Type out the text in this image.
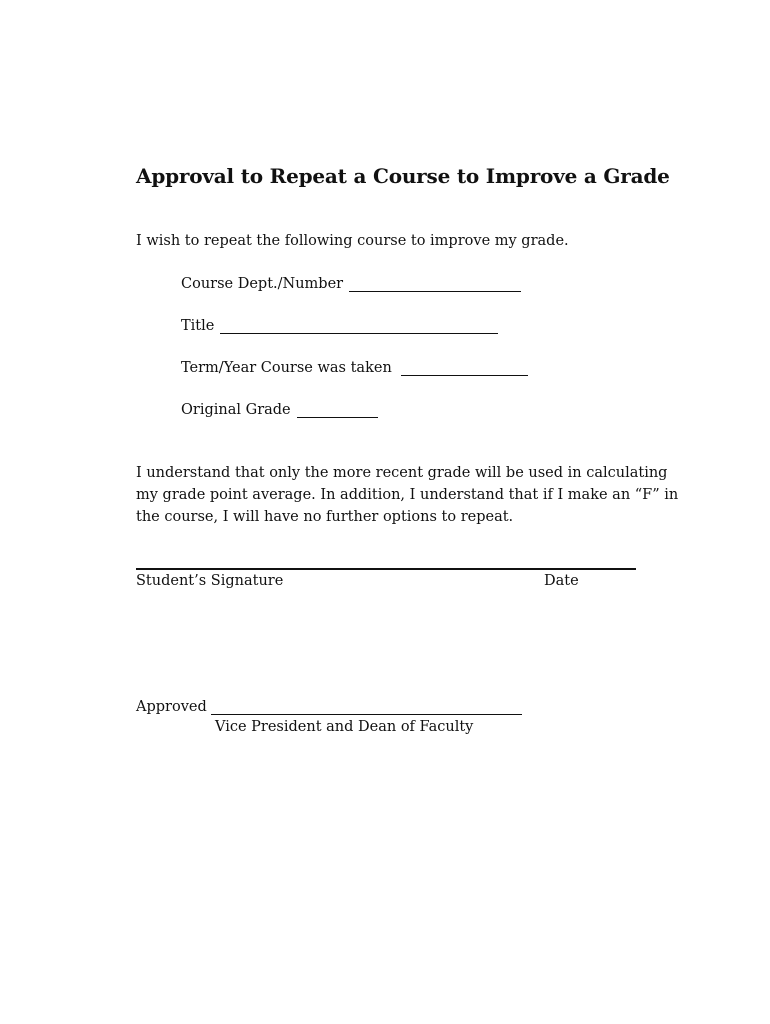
Approval to Repeat a Course to Improve a Grade
I wish to repeat the following course to improve my grade.
Course Dept./Number
Title
Term/Year Course was taken
Original Grade

I understand that only the more recent grade will be used in calculating

my grade point average. In addition, I understand that if I make an “F” in

the course, I will have no further options to repeat.

Student’s Signature	Date
Approved
Vice President and Dean of Faculty
